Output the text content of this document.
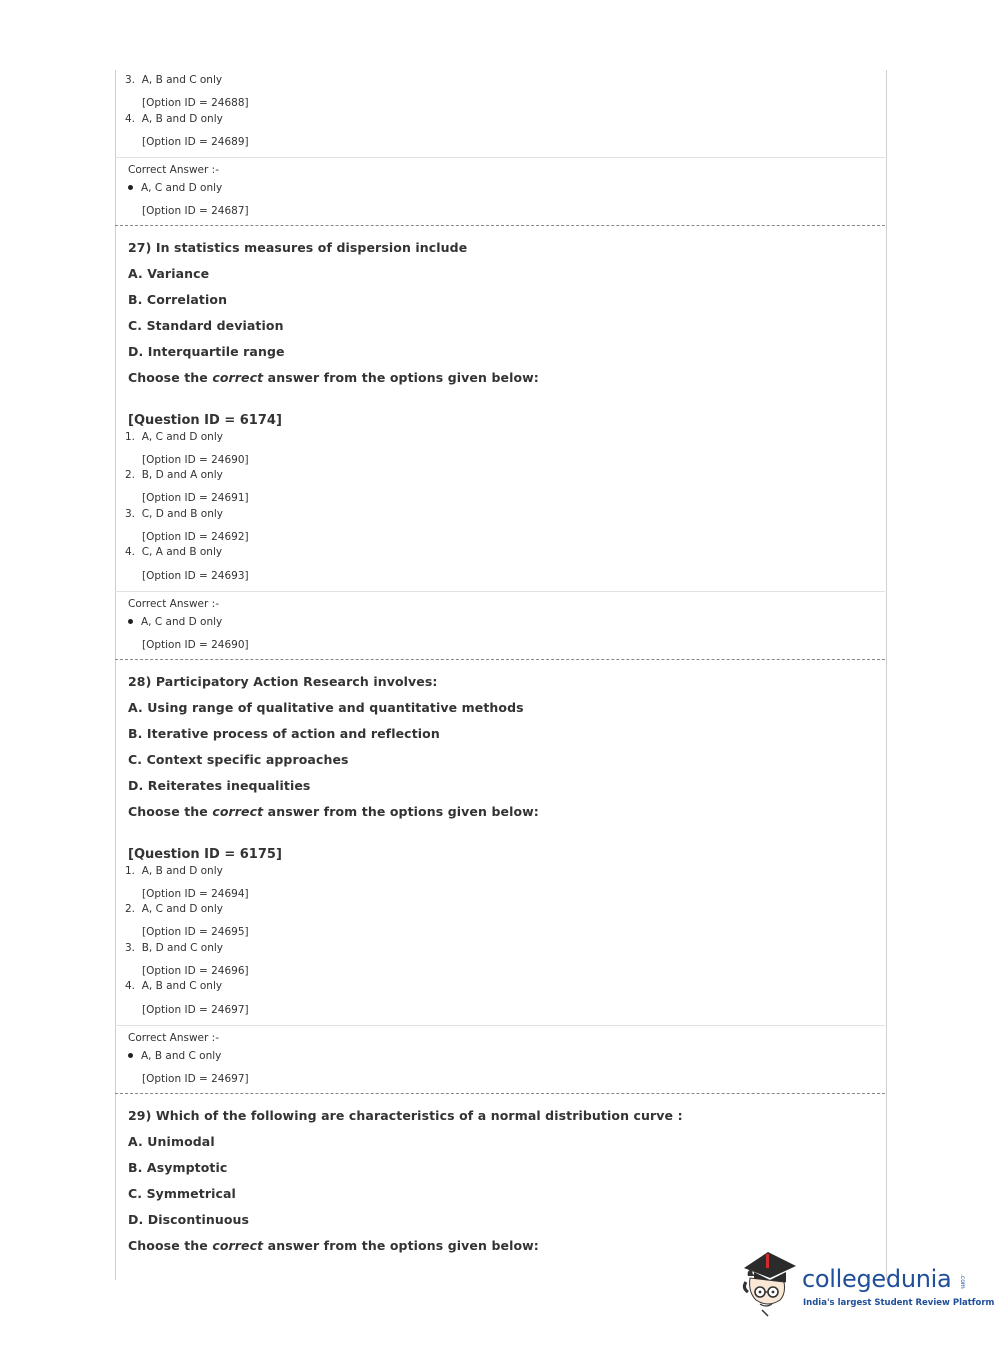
3. A, B and C only
[Option ID = 24688]
4. A, B and D only
[Option ID = 24689]
Correct Answer :-
A, C and D only
[Option ID = 24687]
27) In statistics measures of dispersion include
A. Variance
B. Correlation
C. Standard deviation
D. Interquartile range
Choose the correct answer from the options given below:
[Question ID = 6174]
1. A, C and D only
[Option ID = 24690]
2. B, D and A only
[Option ID = 24691]
3. C, D and B only
[Option ID = 24692]
4. C, A and B only
[Option ID = 24693]
Correct Answer :-
A, C and D only
[Option ID = 24690]
28) Participatory Action Research involves:
A. Using range of qualitative and quantitative methods
B. Iterative process of action and reflection
C. Context specific approaches
D. Reiterates inequalities
Choose the correct answer from the options given below:
[Question ID = 6175]
1. A, B and D only
[Option ID = 24694]
2. A, C and D only
[Option ID = 24695]
3. B, D and C only
[Option ID = 24696]
4. A, B and C only
[Option ID = 24697]
Correct Answer :-
A, B and C only
[Option ID = 24697]
29) Which of the following are characteristics of a normal distribution curve :
A. Unimodal
B. Asymptotic
C. Symmetrical
D. Discontinuous
Choose the correct answer from the options given below:
collegedunia .com
India's largest Student Review Platform
